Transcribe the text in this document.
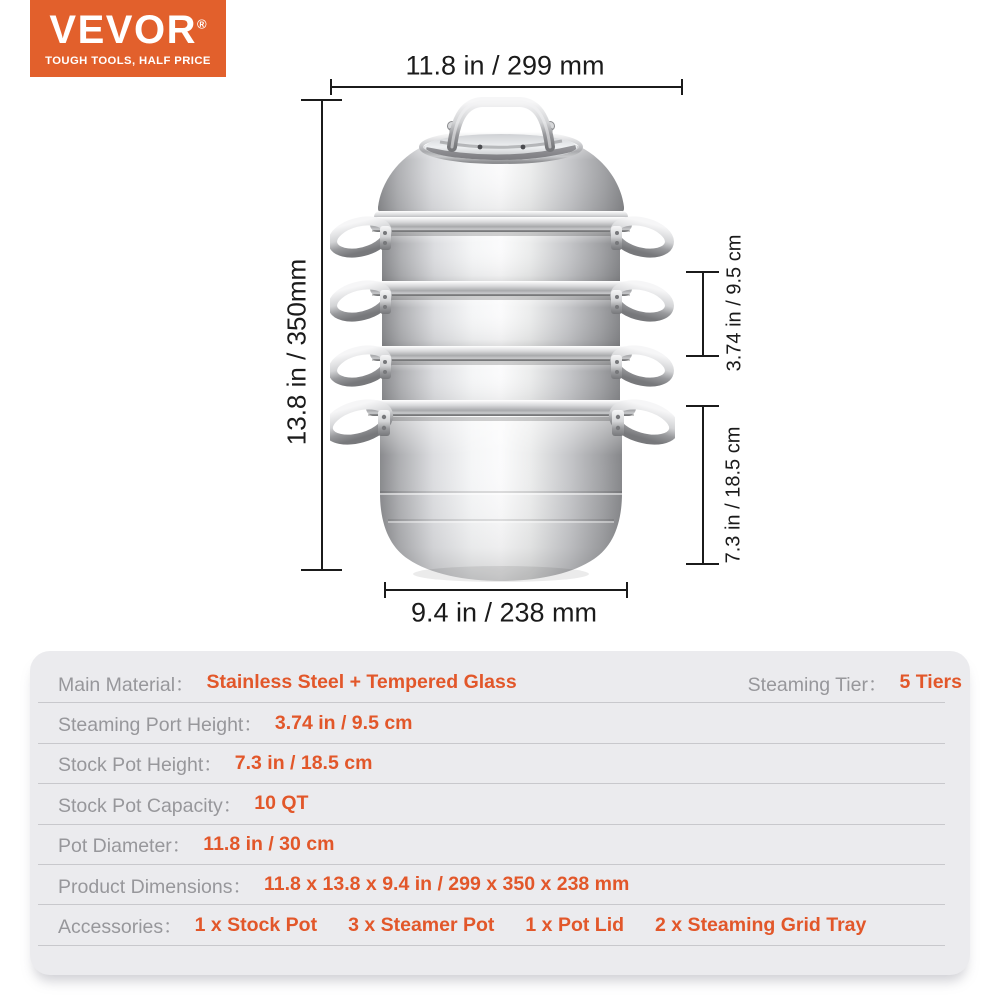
VEVOR®
TOUGH TOOLS, HALF PRICE	11.8 in / 299 mm
13.8 in / 350mm	3.74 in / 9.5 cm
7.3 in / 18.5 cm
9.4 in / 238 mm
Main Material： Stainless Steel + Tempered Glass	Steaming Tier： 5 Tiers
Steaming Port Height： 3.74 in / 9.5 cm
Stock Pot Height： 7.3 in / 18.5 cm
Stock Pot Capacity： 10 QT
Pot Diameter： 11.8 in / 30 cm
Product Dimensions： 11.8 x 13.8 x 9.4 in / 299 x 350 x 238 mm
Accessories： 1 x Stock Pot 3 x Steamer Pot 1 x Pot Lid 2 x Steaming Grid Tray
